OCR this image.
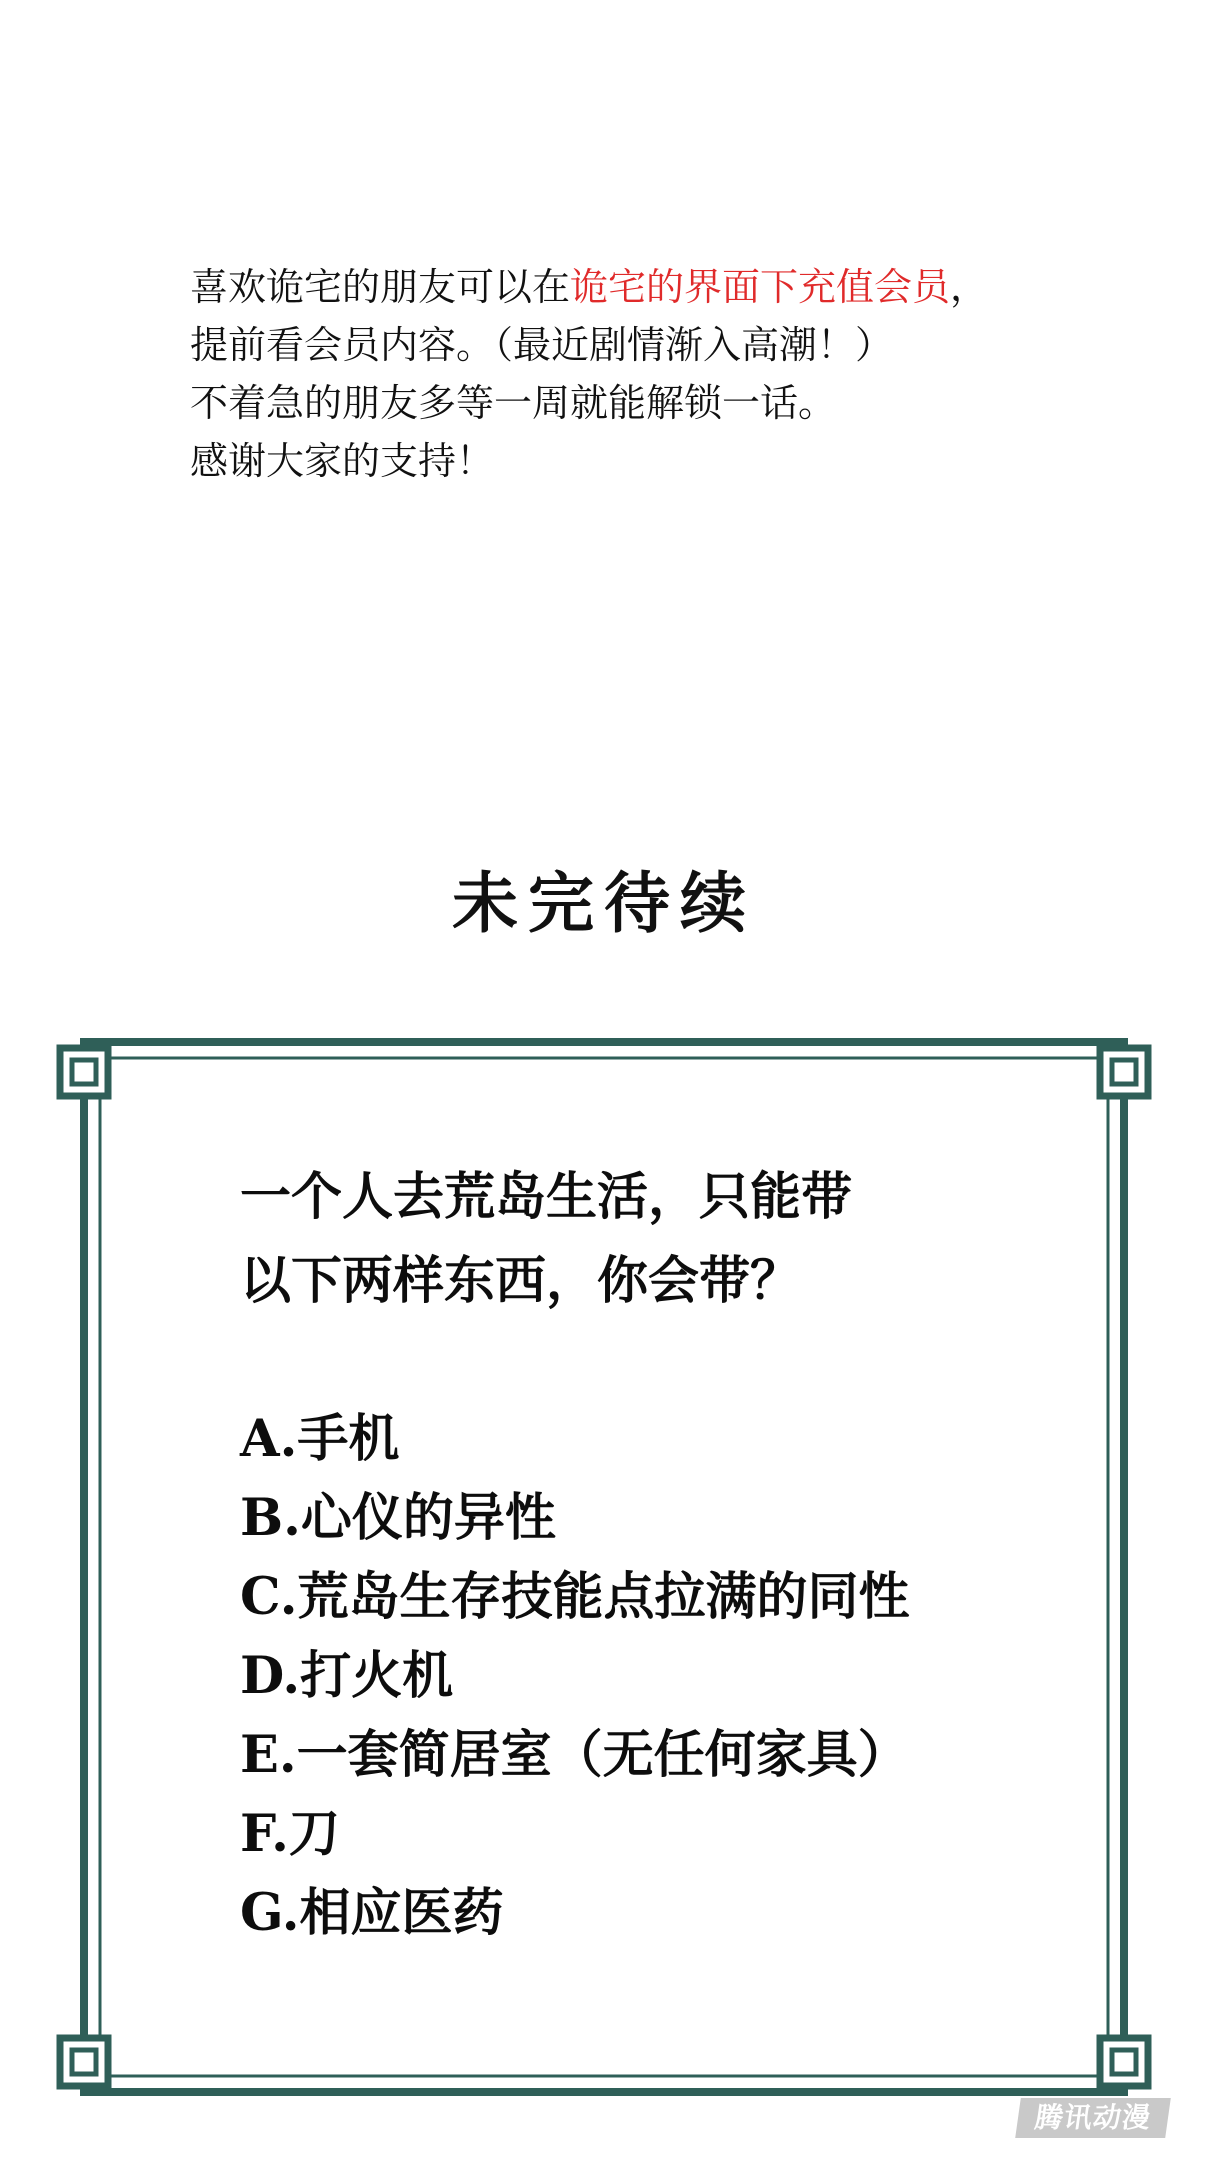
喜欢诡宅的朋友可以在诡宅的界面下充值会员，
提前看会员内容。（最近剧情渐入高潮！）
不着急的朋友多等一周就能解锁一话。
感谢大家的支持！
未完待续
一个人去荒岛生活，只能带
以下两样东西，你会带？
A.手机
B.心仪的异性
C.荒岛生存技能点拉满的同性
D.打火机
E.一套简居室（无任何家具）
F.刀
G.相应医药
腾讯动漫
